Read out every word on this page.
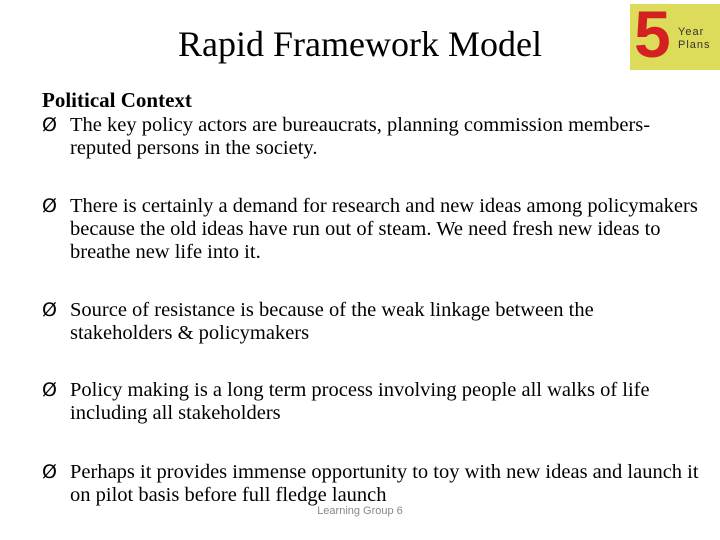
Rapid Framework Model	5 Year
Plans
Political Context
Ø The key policy actors are bureaucrats, planning commission members- reputed persons in the society.
Ø There is certainly a demand for research and new ideas among policymakers because the old ideas have run out of steam. We need fresh new ideas to breathe new life into it.
Ø Source of resistance is because of the weak linkage between the stakeholders & policymakers
Ø Policy making is a long term process involving people all walks of life including all stakeholders
Ø Perhaps it provides immense opportunity to toy with new ideas and launch it on pilot basis before full fledge launch
Learning Group 6
